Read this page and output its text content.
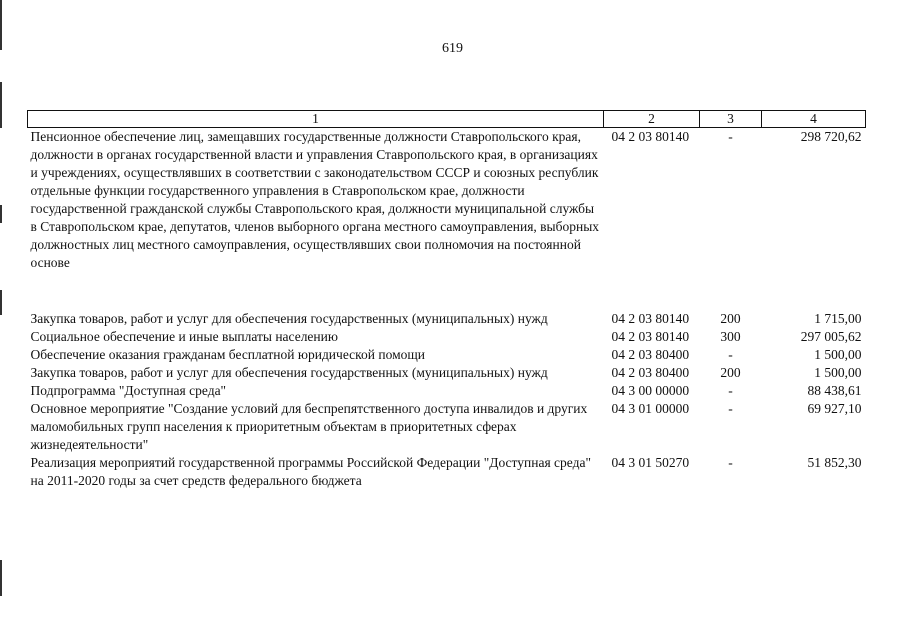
619
1	2	3	4
Пенсионное обеспечение лиц, замещавших государственные должности Ставропольского края, должности в органах государственной власти и управления Ставропольского края, в организациях и учреждениях, осуществлявших в соответствии с законодательством СССР и союзных республик отдельные функции государственного управления в Ставропольском крае, должности государственной гражданской службы Ставропольского края, должности муниципальной службы в Ставропольском крае, депутатов, членов выборного органа местного самоуправления, выборных должностных лиц местного самоуправления, осуществлявших свои полномочия на постоянной основе	04 2 03 80140	-	298 720,62
Закупка товаров, работ и услуг для обеспечения государственных (муниципальных) нужд	04 2 03 80140	200	1 715,00
Социальное обеспечение и иные выплаты населению	04 2 03 80140	300	297 005,62
Обеспечение оказания гражданам бесплатной юридической помощи	04 2 03 80400	-	1 500,00
Закупка товаров, работ и услуг для обеспечения государственных (муниципальных) нужд	04 2 03 80400	200	1 500,00
Подпрограмма "Доступная среда"	04 3 00 00000	-	88 438,61
Основное мероприятие "Создание условий для беспрепятственного доступа инвалидов и других маломобильных групп населения к приоритетным объектам в приоритетных сферах жизнедеятельности"	04 3 01 00000	-	69 927,10
Реализация мероприятий государственной программы Российской Федерации "Доступная среда" на 2011-2020 годы за счет средств федерального бюджета	04 3 01 50270	-	51 852,30
